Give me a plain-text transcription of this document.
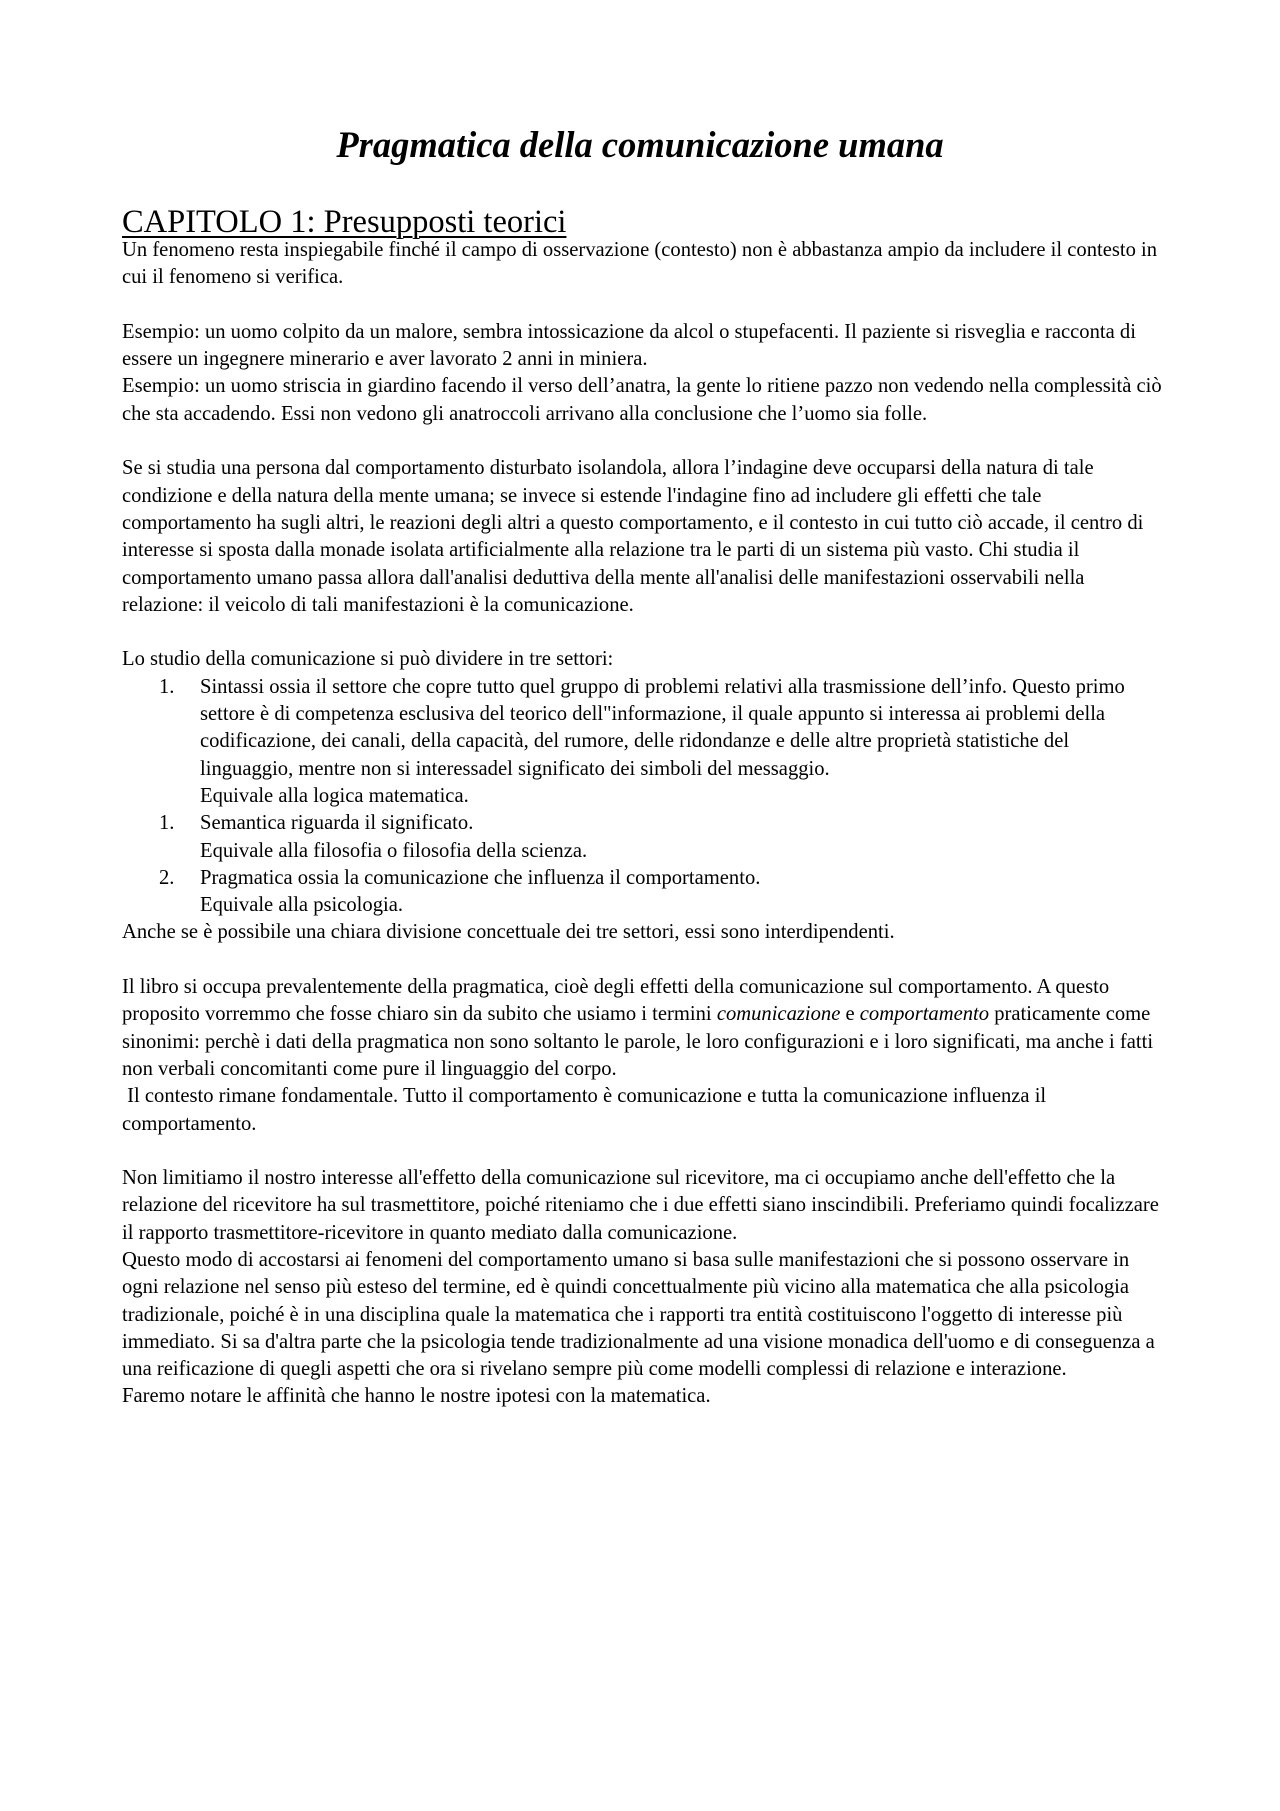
Pragmatica della comunicazione umana
CAPITOLO 1: Presupposti teorici

Un fenomeno resta inspiegabile finché il campo di osservazione (contesto) non è abbastanza ampio da includere il contesto in cui il fenomeno si verifica.

Esempio: un uomo colpito da un malore, sembra intossicazione da alcol o stupefacenti. Il paziente si risveglia e racconta di essere un ingegnere minerario e aver lavorato 2 anni in miniera.

Esempio: un uomo striscia in giardino facendo il verso dell’anatra, la gente lo ritiene pazzo non vedendo nella complessità ciò che sta accadendo. Essi non vedono gli anatroccoli arrivano alla conclusione che l’uomo sia folle.

Se si studia una persona dal comportamento disturbato isolandola, allora l’indagine deve occuparsi della natura di tale condizione e della natura della mente umana; se invece si estende l'indagine fino ad includere gli effetti che tale comportamento ha sugli altri, le reazioni degli altri a questo comportamento, e il contesto in cui tutto ciò accade, il centro di interesse si sposta dalla monade isolata artificialmente alla relazione tra le parti di un sistema più vasto. Chi studia il comportamento umano passa allora dall'analisi deduttiva della mente all'analisi delle manifestazioni osservabili nella relazione: il veicolo di tali manifestazioni è la comunicazione.

Lo studio della comunicazione si può dividere in tre settori:

1. Sintassi ossia il settore che copre tutto quel gruppo di problemi relativi alla trasmissione dell’info. Questo primo settore è di competenza esclusiva del teorico dell"informazione, il quale appunto si interessa ai problemi della codificazione, dei canali, della capacità, del rumore, delle ridondanze e delle altre proprietà statistiche del linguaggio, mentre non si interessadel significato dei simboli del messaggio.
Equivale alla logica matematica.
1. Semantica riguarda il significato.
Equivale alla filosofia o filosofia della scienza.
2. Pragmatica ossia la comunicazione che influenza il comportamento.
Equivale alla psicologia.

Anche se è possibile una chiara divisione concettuale dei tre settori, essi sono interdipendenti.

Il libro si occupa prevalentemente della pragmatica, cioè degli effetti della comunicazione sul comportamento. A questo proposito vorremmo che fosse chiaro sin da subito che usiamo i termini comunicazione e comportamento praticamente come sinonimi: perchè i dati della pragmatica non sono soltanto le parole, le loro configurazioni e i loro significati, ma anche i fatti non verbali concomitanti come pure il linguaggio del corpo.

Il contesto rimane fondamentale. Tutto il comportamento è comunicazione e tutta la comunicazione influenza il comportamento.

Non limitiamo il nostro interesse all'effetto della comunicazione sul ricevitore, ma ci occupiamo anche dell'effetto che la relazione del ricevitore ha sul trasmettitore, poiché riteniamo che i due effetti siano inscindibili. Preferiamo quindi focalizzare il rapporto trasmettitore-ricevitore in quanto mediato dalla comunicazione.

Questo modo di accostarsi ai fenomeni del comportamento umano si basa sulle manifestazioni che si possono osservare in ogni relazione nel senso più esteso del termine, ed è quindi concettualmente più vicino alla matematica che alla psicologia tradizionale, poiché è in una disciplina quale la matematica che i rapporti tra entità costituiscono l'oggetto di interesse più immediato. Si sa d'altra parte che la psicologia tende tradizionalmente ad una visione monadica dell'uomo e di conseguenza a una reificazione di quegli aspetti che ora si rivelano sempre più come modelli complessi di relazione e interazione.

Faremo notare le affinità che hanno le nostre ipotesi con la matematica.
